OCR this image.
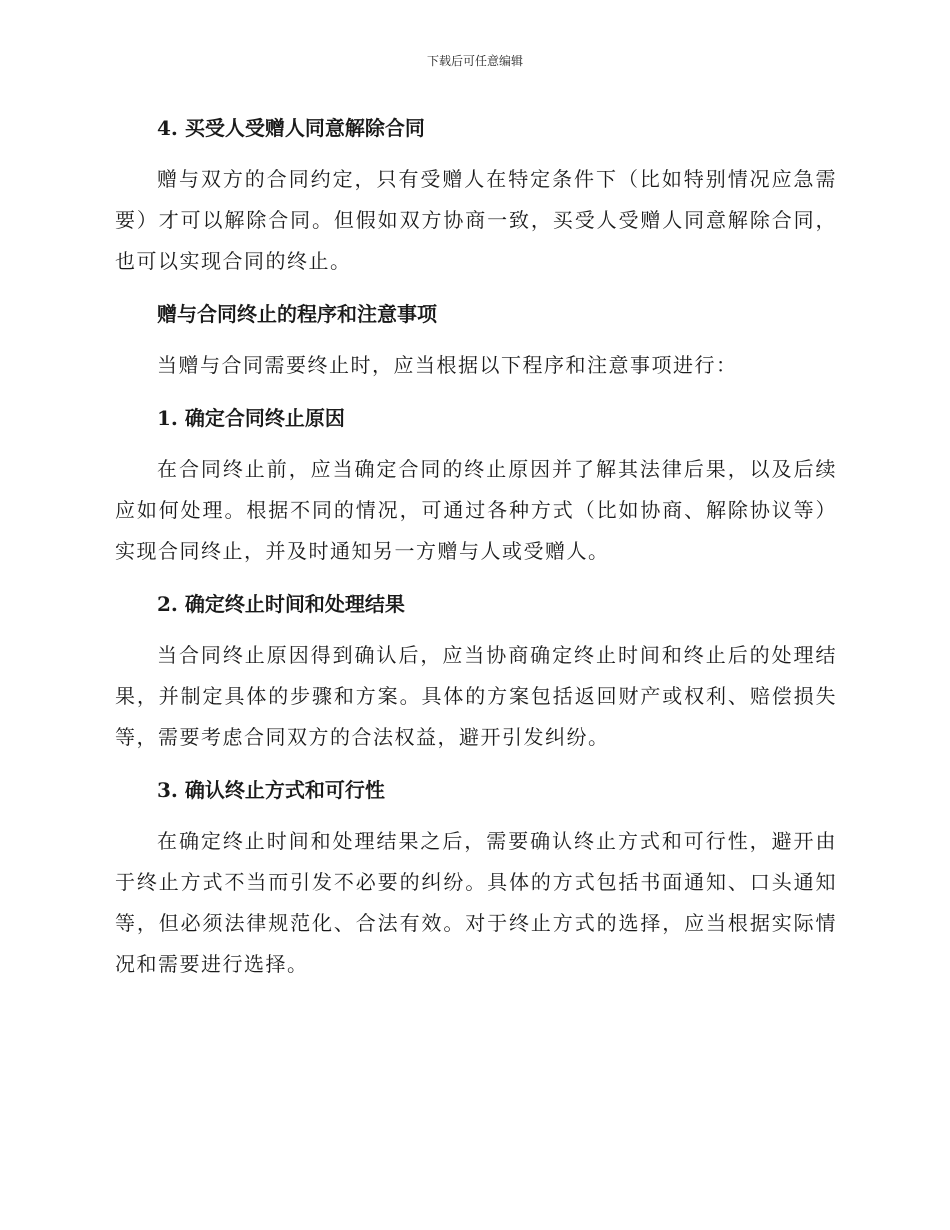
下载后可任意编辑
4. 买受人受赠人同意解除合同

赠与双方的合同约定，只有受赠人在特定条件下（比如特别情况应急需要）才可以解除合同。但假如双方协商一致，买受人受赠人同意解除合同，也可以实现合同的终止。

赠与合同终止的程序和注意事项

当赠与合同需要终止时，应当根据以下程序和注意事项进行：

1. 确定合同终止原因

在合同终止前，应当确定合同的终止原因并了解其法律后果，以及后续应如何处理。根据不同的情况，可通过各种方式（比如协商、解除协议等）实现合同终止，并及时通知另一方赠与人或受赠人。

2. 确定终止时间和处理结果

当合同终止原因得到确认后，应当协商确定终止时间和终止后的处理结果，并制定具体的步骤和方案。具体的方案包括返回财产或权利、赔偿损失等，需要考虑合同双方的合法权益，避开引发纠纷。

3. 确认终止方式和可行性

在确定终止时间和处理结果之后，需要确认终止方式和可行性，避开由于终止方式不当而引发不必要的纠纷。具体的方式包括书面通知、口头通知等，但必须法律规范化、合法有效。对于终止方式的选择，应当根据实际情况和需要进行选择。
